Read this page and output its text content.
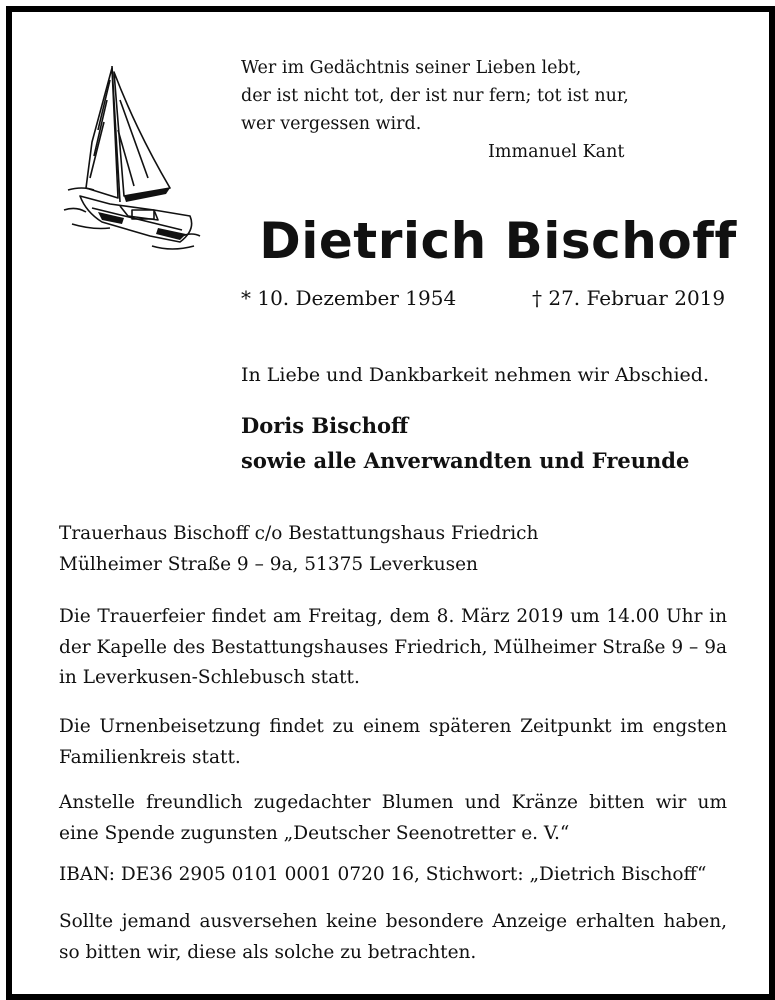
Wer im Gedächtnis seiner Lieben lebt,
der ist nicht tot, der ist nur fern; tot ist nur,
wer vergessen wird.
Immanuel Kant
Dietrich Bischoff
* 10. Dezember 1954	† 27. Februar 2019
In Liebe und Dankbarkeit nehmen wir Abschied.
Doris Bischoff
sowie alle Anverwandten und Freunde
Trauerhaus Bischoff c/o Bestattungshaus Friedrich
Mülheimer Straße 9 – 9a, 51375 Leverkusen
Die Trauerfeier findet am Freitag, dem 8. März 2019 um 14.00 Uhr in
der Kapelle des Bestattungshauses Friedrich, Mülheimer Straße 9 – 9a
in Leverkusen-Schlebusch statt.
Die Urnenbeisetzung findet zu einem späteren Zeitpunkt im engsten
Familienkreis statt.
Anstelle freundlich zugedachter Blumen und Kränze bitten wir um
eine Spende zugunsten „Deutscher Seenotretter e. V.“
IBAN: DE36 2905 0101 0001 0720 16, Stichwort: „Dietrich Bischoff“
Sollte jemand ausversehen keine besondere Anzeige erhalten haben,
so bitten wir, diese als solche zu betrachten.
